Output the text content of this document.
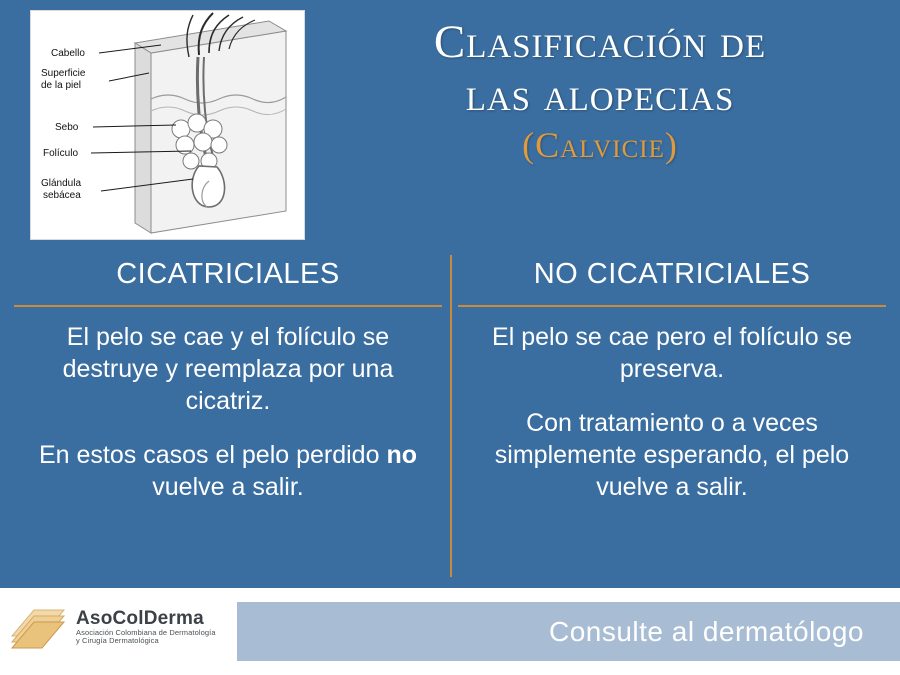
Cabello
Superficie
de la piel
Sebo
Folículo
Glándula
sebácea
Clasificación de
las alopecias
(Calvicie)
CICATRICIALES

El pelo se cae y el folículo se destruye y reemplaza por una cicatriz.

En estos casos el pelo perdido no vuelve a salir.

NO CICATRICIALES

El pelo se cae pero el folículo se preserva.

Con tratamiento o a veces simplemente esperando, el pelo vuelve a salir.

AsoColDerma
Asociación Colombiana de Dermatología
y Cirugía Dermatológica	Consulte al dermatólogo
